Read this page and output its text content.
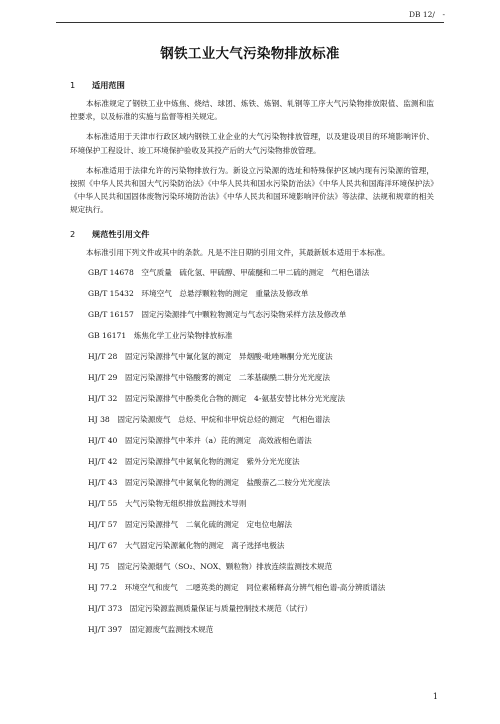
DB 12/　-
钢铁工业大气污染物排放标准

1 适用范围

本标准规定了钢铁工业中炼焦、烧结、球团、炼铁、炼钢、轧钢等工序大气污染物排放限值、监测和监控要求，以及标准的实施与监督等相关规定。

本标准适用于天津市行政区域内钢铁工业企业的大气污染物排放管理，以及建设项目的环境影响评价、环境保护工程设计、竣工环境保护验收及其投产后的大气污染物排放管理。

本标准适用于法律允许的污染物排放行为。新设立污染源的选址和特殊保护区域内现有污染源的管理，按照《中华人民共和国大气污染防治法》《中华人民共和国水污染防治法》《中华人民共和国海洋环境保护法》《中华人民共和国固体废物污染环境防治法》《中华人民共和国环境影响评价法》等法律、法规和规章的相关规定执行。

2 规范性引用文件

本标准引用下列文件或其中的条款。凡是不注日期的引用文件，其最新版本适用于本标准。

GB/T 14678　空气质量　硫化氢、甲硫醇、甲硫醚和二甲二硫的测定　气相色谱法

GB/T 15432　环境空气　总悬浮颗粒物的测定　重量法及修改单

GB/T 16157　固定污染源排气中颗粒物测定与气态污染物采样方法及修改单

GB 16171　炼焦化学工业污染物排放标准

HJ/T 28　固定污染源排气中氰化氢的测定　异烟酸-吡唑啉酮分光光度法

HJ/T 29　固定污染源排气中铬酸雾的测定　二苯基碳酰二肼分光光度法

HJ/T 32　固定污染源排气中酚类化合物的测定　4-氨基安替比林分光光度法

HJ 38　固定污染源废气　总烃、甲烷和非甲烷总烃的测定　气相色谱法

HJ/T 40　固定污染源排气中苯并（a）芘的测定　高效液相色谱法

HJ/T 42　固定污染源排气中氮氧化物的测定　紫外分光光度法

HJ/T 43　固定污染源排气中氮氧化物的测定　盐酸萘乙二胺分光光度法

HJ/T 55　大气污染物无组织排放监测技术导则

HJ/T 57　固定污染源排气　二氧化硫的测定　定电位电解法

HJ/T 67　大气固定污染源氟化物的测定　离子选择电极法

HJ 75　固定污染源烟气（SO₂、NOX、颗粒物）排放连续监测技术规范

HJ 77.2　环境空气和废气　二噁英类的测定　同位素稀释高分辨气相色谱-高分辨质谱法

HJ/T 373　固定污染源监测质量保证与质量控制技术规范（试行）

HJ/T 397　固定源废气监测技术规范

1
